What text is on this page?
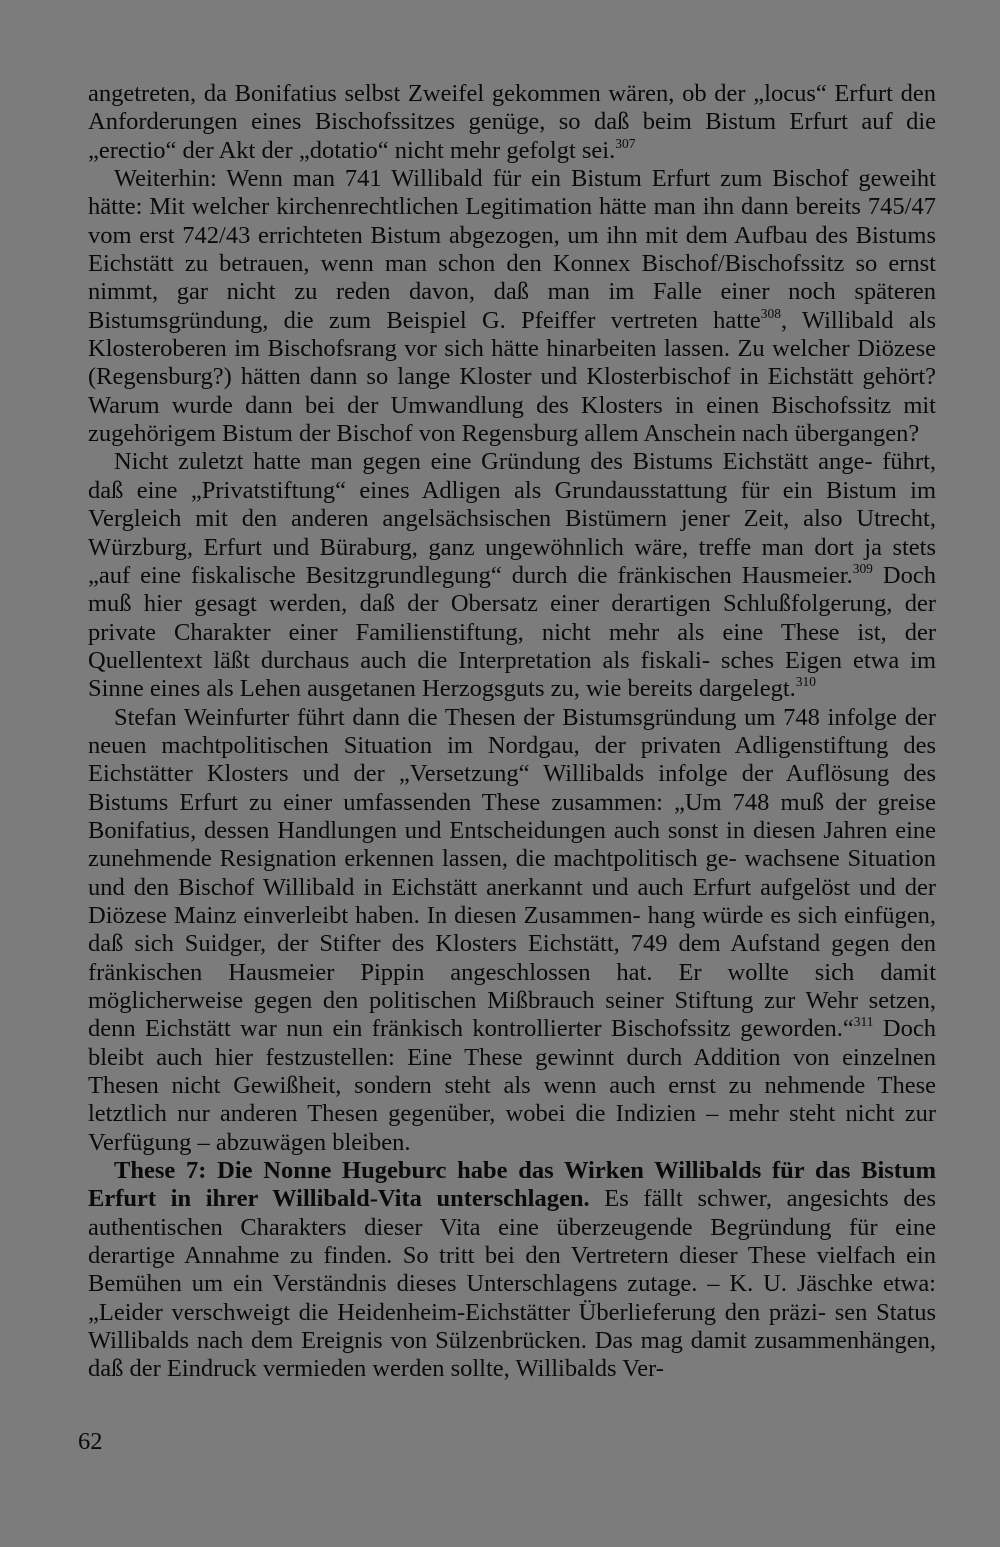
angetreten, da Bonifatius selbst Zweifel gekommen wären, ob der „locus“ Erfurt den Anforderungen eines Bischofssitzes genüge, so daß beim Bistum Erfurt auf die „erectio“ der Akt der „dotatio“ nicht mehr gefolgt sei.$^{307}$

Weiterhin: Wenn man 741 Willibald für ein Bistum Erfurt zum Bischof geweiht hätte: Mit welcher kirchenrechtlichen Legitimation hätte man ihn dann bereits 745/47 vom erst 742/43 errichteten Bistum abgezogen, um ihn mit dem Aufbau des Bistums Eichstätt zu betrauen, wenn man schon den Konnex Bischof/Bischofssitz so ernst nimmt, gar nicht zu reden davon, daß man im Falle einer noch späteren Bistumsgründung, die zum Beispiel G. Pfeiffer vertreten hatte$^{308}$, Willibald als Klosteroberen im Bischofsrang vor sich hätte hinarbeiten lassen. Zu welcher Diözese (Regensburg?) hätten dann so lange Kloster und Klosterbischof in Eichstätt gehört? Warum wurde dann bei der Umwandlung des Klosters in einen Bischofssitz mit zugehörigem Bistum der Bischof von Regensburg allem Anschein nach übergangen?

Nicht zuletzt hatte man gegen eine Gründung des Bistums Eichstätt ange- führt, daß eine „Privatstiftung“ eines Adligen als Grundausstattung für ein Bistum im Vergleich mit den anderen angelsächsischen Bistümern jener Zeit, also Utrecht, Würzburg, Erfurt und Büraburg, ganz ungewöhnlich wäre, treffe man dort ja stets „auf eine fiskalische Besitzgrundlegung“ durch die fränkischen Hausmeier.$^{309}$ Doch muß hier gesagt werden, daß der Obersatz einer derartigen Schlußfolgerung, der private Charakter einer Familienstiftung, nicht mehr als eine These ist, der Quellentext läßt durchaus auch die Interpretation als fiskali- sches Eigen etwa im Sinne eines als Lehen ausgetanen Herzogsguts zu, wie bereits dargelegt.$^{310}$

Stefan Weinfurter führt dann die Thesen der Bistumsgründung um 748 infolge der neuen machtpolitischen Situation im Nordgau, der privaten Adligenstiftung des Eichstätter Klosters und der „Versetzung“ Willibalds infolge der Auflösung des Bistums Erfurt zu einer umfassenden These zusammen: „Um 748 muß der greise Bonifatius, dessen Handlungen und Entscheidungen auch sonst in diesen Jahren eine zunehmende Resignation erkennen lassen, die machtpolitisch ge- wachsene Situation und den Bischof Willibald in Eichstätt anerkannt und auch Erfurt aufgelöst und der Diözese Mainz einverleibt haben. In diesen Zusammen- hang würde es sich einfügen, daß sich Suidger, der Stifter des Klosters Eichstätt, 749 dem Aufstand gegen den fränkischen Hausmeier Pippin angeschlossen hat. Er wollte sich damit möglicherweise gegen den politischen Mißbrauch seiner Stiftung zur Wehr setzen, denn Eichstätt war nun ein fränkisch kontrollierter Bischofssitz geworden.“$^{311}$ Doch bleibt auch hier festzustellen: Eine These gewinnt durch Addition von einzelnen Thesen nicht Gewißheit, sondern steht als wenn auch ernst zu nehmende These letztlich nur anderen Thesen gegenüber, wobei die Indizien – mehr steht nicht zur Verfügung – abzuwägen bleiben.

These 7: Die Nonne Hugeburc habe das Wirken Willibalds für das Bistum Erfurt in ihrer Willibald-Vita unterschlagen. Es fällt schwer, angesichts des authentischen Charakters dieser Vita eine überzeugende Begründung für eine derartige Annahme zu finden. So tritt bei den Vertretern dieser These vielfach ein Bemühen um ein Verständnis dieses Unterschlagens zutage. – K. U. Jäschke etwa: „Leider verschweigt die Heidenheim-Eichstätter Überlieferung den präzi- sen Status Willibalds nach dem Ereignis von Sülzenbrücken. Das mag damit zusammenhängen, daß der Eindruck vermieden werden sollte, Willibalds Ver-

62
